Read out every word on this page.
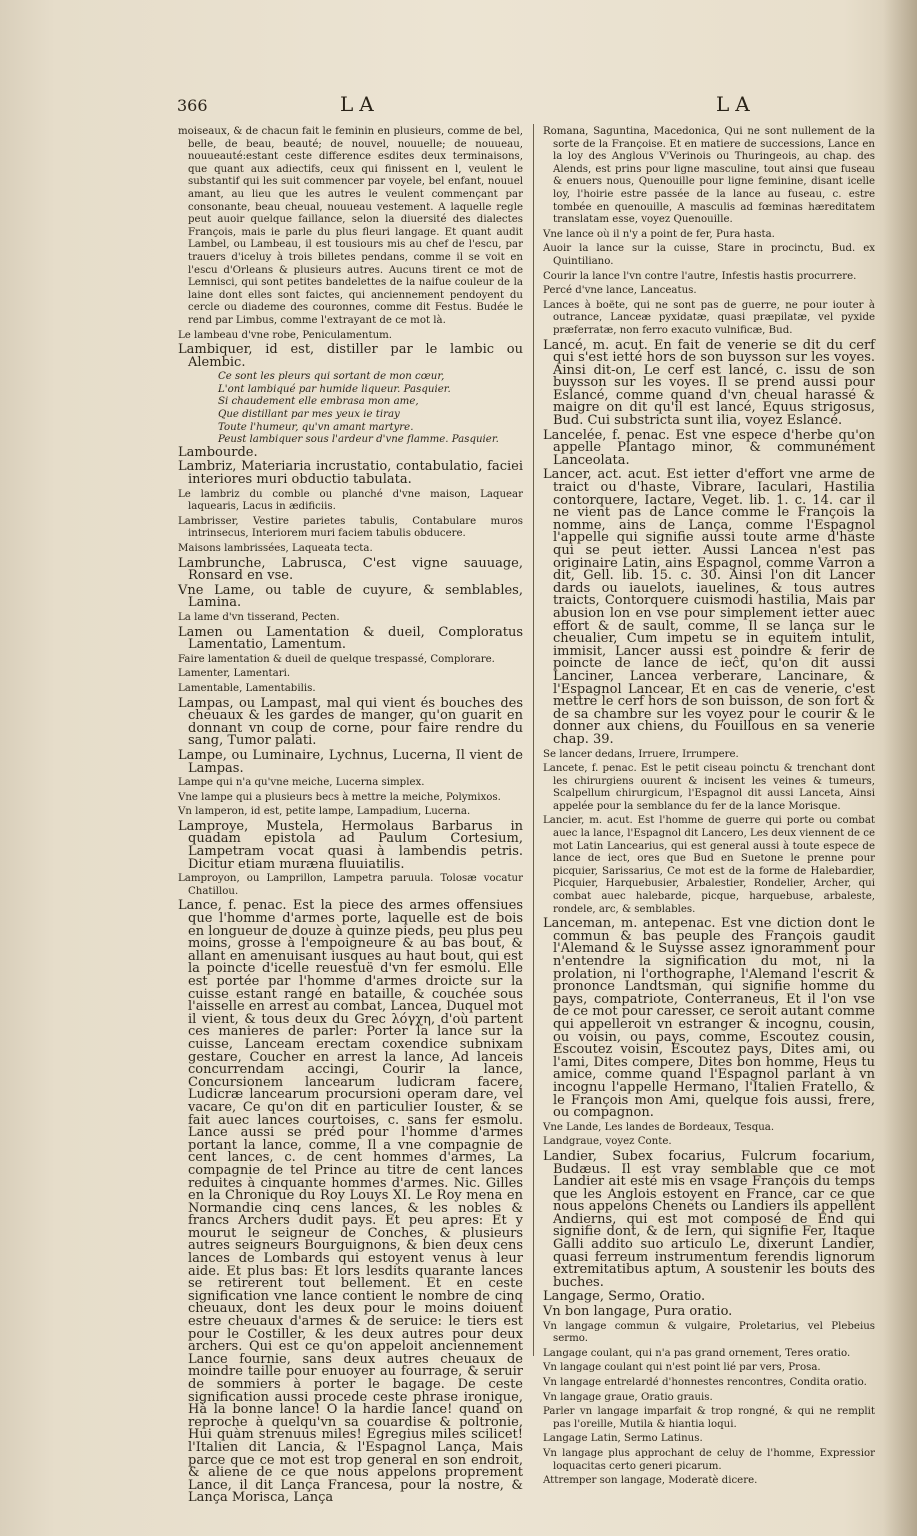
366	LA	LA

moiseaux, & de chacun fait le feminin en plusieurs, comme de bel, belle, de beau, beauté; de nouvel, nouuelle; de nouueau, nouueauté:estant ceste difference esdites deux terminaisons, que quant aux adiectifs, ceux qui finissent en l, veulent le substantif qui les suit commencer par voyele, bel enfant, nouuel amant, au lieu que les autres le veulent commençant par consonante, beau cheual, nouueau vestement. A laquelle regle peut auoir quelque faillance, selon la diuersité des dialectes François, mais ie parle du plus fleuri langage. Et quant audit Lambel, ou Lambeau, il est tousiours mis au chef de l'escu, par trauers d'iceluy à trois billetes pendans, comme il se voit en l'escu d'Orleans & plusieurs autres. Aucuns tirent ce mot de Lemnisci, qui sont petites bandelettes de la naifue couleur de la laine dont elles sont faictes, qui anciennement pendoyent du cercle ou diademe des couronnes, comme dit Festus. Budée le rend par Limbus, comme l'extrayant de ce mot là.

Le lambeau d'vne robe, Peniculamentum.

Lambiquer, id est, distiller par le lambic ou Alembic.

Ce sont les pleurs qui sortant de mon cœur,

L'ont lambiqué par humide liqueur. Pasquier.

Si chaudement elle embrasa mon ame,

Que distillant par mes yeux ie tiray

Toute l'humeur, qu'vn amant martyre.

Peust lambiquer sous l'ardeur d'vne flamme. Pasquier.

Lambourde.

Lambriz, Materiaria incrustatio, contabulatio, faciei interiores muri obductio tabulata.

Le lambriz du comble ou planché d'vne maison, Laquear laquearis, Lacus in ædificiis.

Lambrisser, Vestire parietes tabulis, Contabulare muros intrinsecus, Interiorem muri faciem tabulis obducere.

Maisons lambrissées, Laqueata tecta.

Lambrunche, Labrusca, C'est vigne sauuage, Ronsard en vse.

Vne Lame, ou table de cuyure, & semblables, Lamina.

La lame d'vn tisserand, Pecten.

Lamen ou Lamentation & dueil, Comploratus Lamentatio, Lamentum.

Faire lamentation & dueil de quelque trespassé, Complorare.

Lamenter, Lamentari.

Lamentable, Lamentabilis.

Lampas, ou Lampast, mal qui vient és bouches des cheuaux & les gardes de manger, qu'on guarit en donnant vn coup de corne, pour faire rendre du sang, Tumor palati.

Lampe, ou Luminaire, Lychnus, Lucerna, Il vient de Lampas.

Lampe qui n'a qu'vne meiche, Lucerna simplex.

Vne lampe qui a plusieurs becs à mettre la meiche, Polymixos.

Vn lamperon, id est, petite lampe, Lampadium, Lucerna.

Lamproye, Mustela, Hermolaus Barbarus in quadam epistola ad Paulum Cortesium, Lampetram vocat quasi à lambendis petris. Dicitur etiam muræna fluuiatilis.

Lamproyon, ou Lamprillon, Lampetra paruula. Tolosæ vocatur Chatillou.

Lance, f. penac. Est la piece des armes offensiues que l'homme d'armes porte, laquelle est de bois en longueur de douze à quinze pieds, peu plus peu moins, grosse à l'empoigneure & au bas bout, & allant en amenuisant iusques au haut bout, qui est la poincte d'icelle reuestuë d'vn fer esmolu. Elle est portée par l'homme d'armes droicte sur la cuisse estant rangé en bataille, & couchée sous l'aisselle en arrest au combat, Lancea, Duquel mot il vient, & tous deux du Grec λόγχη, d'où partent ces manieres de parler: Porter la lance sur la cuisse, Lanceam erectam coxendice subnixam gestare, Coucher en arrest la lance, Ad lanceis concurrendam accingi, Courir la lance, Concursionem lancearum ludicram facere, Ludicræ lancearum procursioni operam dare, vel vacare, Ce qu'on dit en particulier Iouster, & se fait auec lances courtoises, c. sans fer esmolu. Lance aussi se préd pour l'homme d'armes portant la lance, comme, Il a vne compagnie de cent lances, c. de cent hommes d'armes, La compagnie de tel Prince au titre de cent lances reduites à cinquante hommes d'armes. Nic. Gilles en la Chronique du Roy Louys XI. Le Roy mena en Normandie cinq cens lances, & les nobles & francs Archers dudit pays. Et peu apres: Et y mourut le seigneur de Conches, & plusieurs autres seigneurs Bourguignons, & bien deux cens lances de Lombards qui estoyent venus à leur aide. Et plus bas: Et lors lesdits quarante lances se retirerent tout bellement. Et en ceste signification vne lance contient le nombre de cinq cheuaux, dont les deux pour le moins doiuent estre cheuaux d'armes & de seruice: le tiers est pour le Costiller, & les deux autres pour deux archers. Qui est ce qu'on appeloit anciennement Lance fournie, sans deux autres cheuaux de moindre taille pour enuoyer au fourrage, & seruir de sommiers à porter le bagage. De ceste signification aussi procede ceste phrase ironique, Hà la bonne lance! O la hardie lance! quand on reproche à quelqu'vn sa couardise & poltronie, Hui quàm strenuus miles! Egregius miles scilicet! l'Italien dit Lancia, & l'Espagnol Lança, Mais parce que ce mot est trop general en son endroit, & aliene de ce que nous appelons proprement Lance, il dit Lança Francesa, pour la nostre, & Lança Morisca, Lança

Romana, Saguntina, Macedonica, Qui ne sont nullement de la sorte de la Françoise. Et en matiere de successions, Lance en la loy des Anglous V'Verinois ou Thuringeois, au chap. des Alends, est prins pour ligne masculine, tout ainsi que fuseau & enuers nous, Quenouille pour ligne feminine, disant icelle loy, l'hoirie estre passée de la lance au fuseau, c. estre tombée en quenouille, A masculis ad fœminas hæreditatem translatam esse, voyez Quenouille.

Vne lance où il n'y a point de fer, Pura hasta.

Auoir la lance sur la cuisse, Stare in procinctu, Bud. ex Quintiliano.

Courir la lance l'vn contre l'autre, Infestis hastis procurrere.

Percé d'vne lance, Lanceatus.

Lances à boëte, qui ne sont pas de guerre, ne pour iouter à outrance, Lanceæ pyxidatæ, quasi præpilatæ, vel pyxide præferratæ, non ferro exacuto vulnificæ, Bud.

Lancé, m. acut. En fait de venerie se dit du cerf qui s'est ietté hors de son buysson sur les voyes. Ainsi dit-on, Le cerf est lancé, c. issu de son buysson sur les voyes. Il se prend aussi pour Eslancé, comme quand d'vn cheual harassé & maigre on dit qu'il est lancé, Equus strigosus, Bud. Cui substricta sunt ilia, voyez Eslancé.

Lancelée, f. penac. Est vne espece d'herbe qu'on appelle Plantago minor, & communément Lanceolata.

Lancer, act. acut. Est ietter d'effort vne arme de traict ou d'haste, Vibrare, Iaculari, Hastilia contorquere, Iactare, Veget. lib. 1. c. 14. car il ne vient pas de Lance comme le François la nomme, ains de Lança, comme l'Espagnol l'appelle qui signifie aussi toute arme d'haste qui se peut ietter. Aussi Lancea n'est pas originaire Latin, ains Espagnol, comme Varron a dit, Gell. lib. 15. c. 30. Ainsi l'on dit Lancer dards ou iauelots, iauelines, & tous autres traicts, Contorquere cuismodi hastilia, Mais par abusion lon en vse pour simplement ietter auec effort & de sault, comme, Il se lança sur le cheualier, Cum impetu se in equitem intulit, immisit, Lancer aussi est poindre & ferir de poincte de lance de ieĉt, qu'on dit aussi Lanciner, Lancea verberare, Lancinare, & l'Espagnol Lancear, Et en cas de venerie, c'est mettre le cerf hors de son buisson, de son fort & de sa chambre sur les voyez pour le courir & le donner aux chiens, du Fouillous en sa venerie chap. 39.

Se lancer dedans, Irruere, Irrumpere.

Lancete, f. penac. Est le petit ciseau poinctu & trenchant dont les chirurgiens ouurent & incisent les veines & tumeurs, Scalpellum chirurgicum, l'Espagnol dit aussi Lanceta, Ainsi appelée pour la semblance du fer de la lance Morisque.

Lancier, m. acut. Est l'homme de guerre qui porte ou combat auec la lance, l'Espagnol dit Lancero, Les deux viennent de ce mot Latin Lancearius, qui est general aussi à toute espece de lance de iect, ores que Bud en Suetone le prenne pour picquier, Sarissarius, Ce mot est de la forme de Halebardier, Picquier, Harquebusier, Arbalestier, Rondelier, Archer, qui combat auec halebarde, picque, harquebuse, arbaleste, rondele, arc, & semblables.

Lanceman, m. antepenac. Est vne diction dont le commun & bas peuple des François gaudit l'Alemand & le Suysse assez ignoramment pour n'entendre la signification du mot, ni la prolation, ni l'orthographe, l'Alemand l'escrit & prononce Landtsman, qui signifie homme du pays, compatriote, Conterraneus, Et il l'on vse de ce mot pour caresser, ce seroit autant comme qui appelleroit vn estranger & incognu, cousin, ou voisin, ou pays, comme, Escoutez cousin, Escoutez voisin, Escoutez pays, Dites ami, ou l'ami, Dites compere, Dites bon homme, Heus tu amice, comme quand l'Espagnol parlant à vn incognu l'appelle Hermano, l'Italien Fratello, & le François mon Ami, quelque fois aussi, frere, ou compagnon.

Vne Lande, Les landes de Bordeaux, Tesqua.

Landgraue, voyez Conte.

Landier, Subex focarius, Fulcrum focarium, Budæus. Il est vray semblable que ce mot Landier ait esté mis en vsage François du temps que les Anglois estoyent en France, car ce que nous appelons Chenets ou Landiers ils appellent Andierns, qui est mot composé de End qui signifie dont, & de Iern, qui signifie Fer, Itaque Galli addito suo articulo Le, dixerunt Landier, quasi ferreum instrumentum ferendis lignorum extremitatibus aptum, A soustenir les bouts des buches.

Langage, Sermo, Oratio.

Vn bon langage, Pura oratio.

Vn langage commun & vulgaire, Proletarius, vel Plebeius sermo.

Langage coulant, qui n'a pas grand ornement, Teres oratio.

Vn langage coulant qui n'est point lié par vers, Prosa.

Vn langage entrelardé d'honnestes rencontres, Condita oratio.

Vn langage graue, Oratio grauis.

Parler vn langage imparfait & trop rongné, & qui ne remplit pas l'oreille, Mutila & hiantia loqui.

Langage Latin, Sermo Latinus.

Vn langage plus approchant de celuy de l'homme, Expressior loquacitas certo generi picarum.

Attremper son langage, Moderatè dicere.
